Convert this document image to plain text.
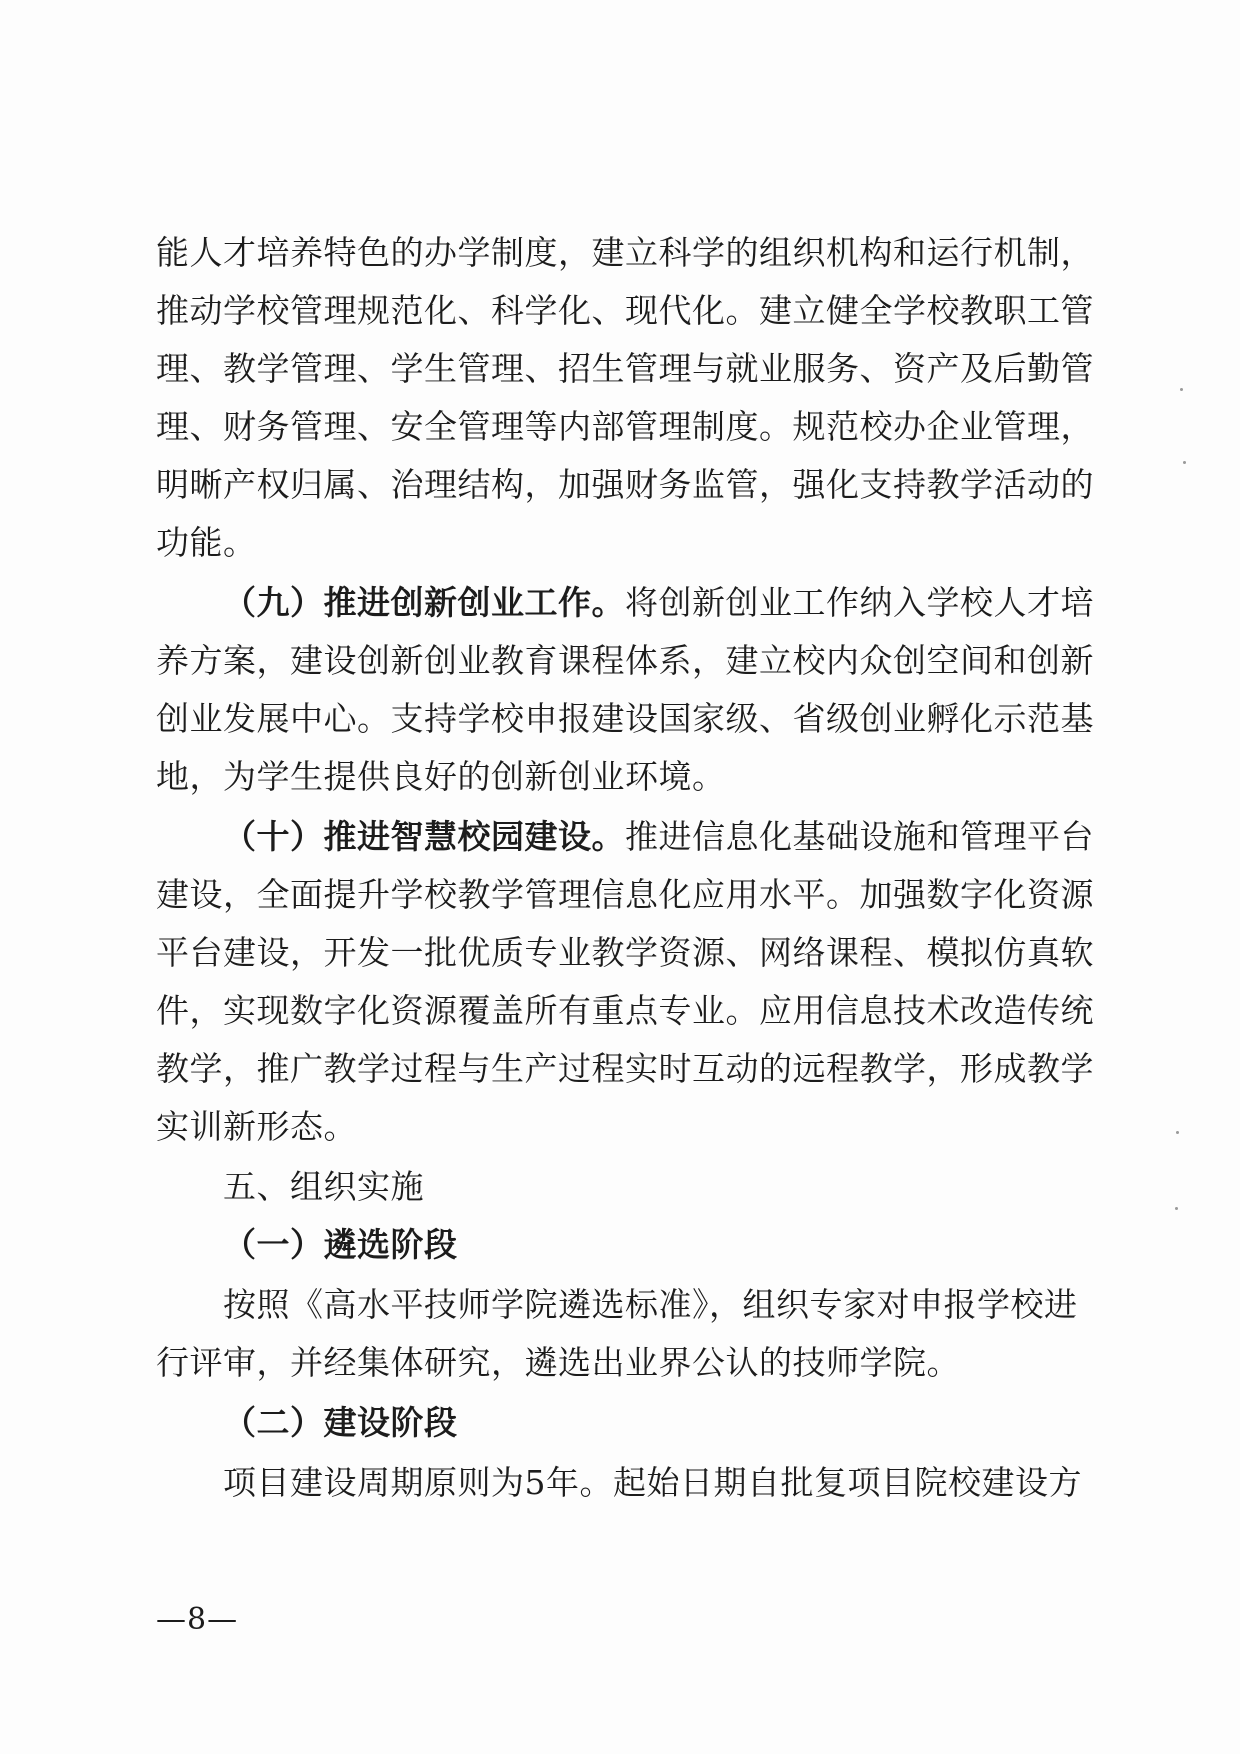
能人才培养特色的办学制度，建立科学的组织机构和运行机制，
推动学校管理规范化、科学化、现代化。建立健全学校教职工管
理、教学管理、学生管理、招生管理与就业服务、资产及后勤管
理、财务管理、安全管理等内部管理制度。规范校办企业管理，
明晰产权归属、治理结构，加强财务监管，强化支持教学活动的
功能。
（九）推进创新创业工作。将创新创业工作纳入学校人才培
养方案，建设创新创业教育课程体系，建立校内众创空间和创新
创业发展中心。支持学校申报建设国家级、省级创业孵化示范基
地，为学生提供良好的创新创业环境。
（十）推进智慧校园建设。推进信息化基础设施和管理平台
建设，全面提升学校教学管理信息化应用水平。加强数字化资源
平台建设，开发一批优质专业教学资源、网络课程、模拟仿真软
件，实现数字化资源覆盖所有重点专业。应用信息技术改造传统
教学，推广教学过程与生产过程实时互动的远程教学，形成教学
实训新形态。
五、组织实施
（一）遴选阶段
按照《高水平技师学院遴选标准》，组织专家对申报学校进
行评审，并经集体研究，遴选出业界公认的技师学院。
（二）建设阶段
项目建设周期原则为5年。起始日期自批复项目院校建设方
—8—
